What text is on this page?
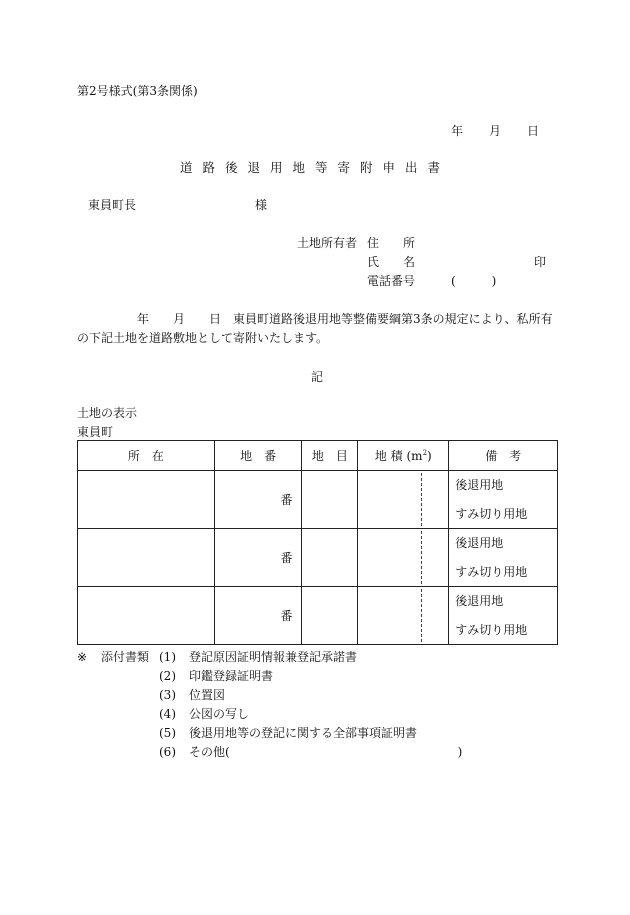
第2号様式(第3条関係)
年 月 日
道路後退用地等寄附申出書
東員町長	様
土地所有者 住　　所
氏　　名	印
電話番号	(　　　)
年 月 日 東員町道路後退用地等整備要綱第3条の規定により、私所有の下記土地を道路敷地として寄附いたします。
記
土地の表示
東員町
所　在	地　番	地　目	地 積 $(m^2)$	備　考
	番			後退用地
すみ切り用地

	番			後退用地
すみ切り用地

	番			後退用地
すみ切り用地
※ 添付書類 (1) 登記原因証明情報兼登記承諾書
(2) 印鑑登録証明書
(3) 位置図
(4) 公図の写し
(5) 後退用地等の登記に関する全部事項証明書
(6) その他(　　　　　　　　　　　　　　　　　　　)
